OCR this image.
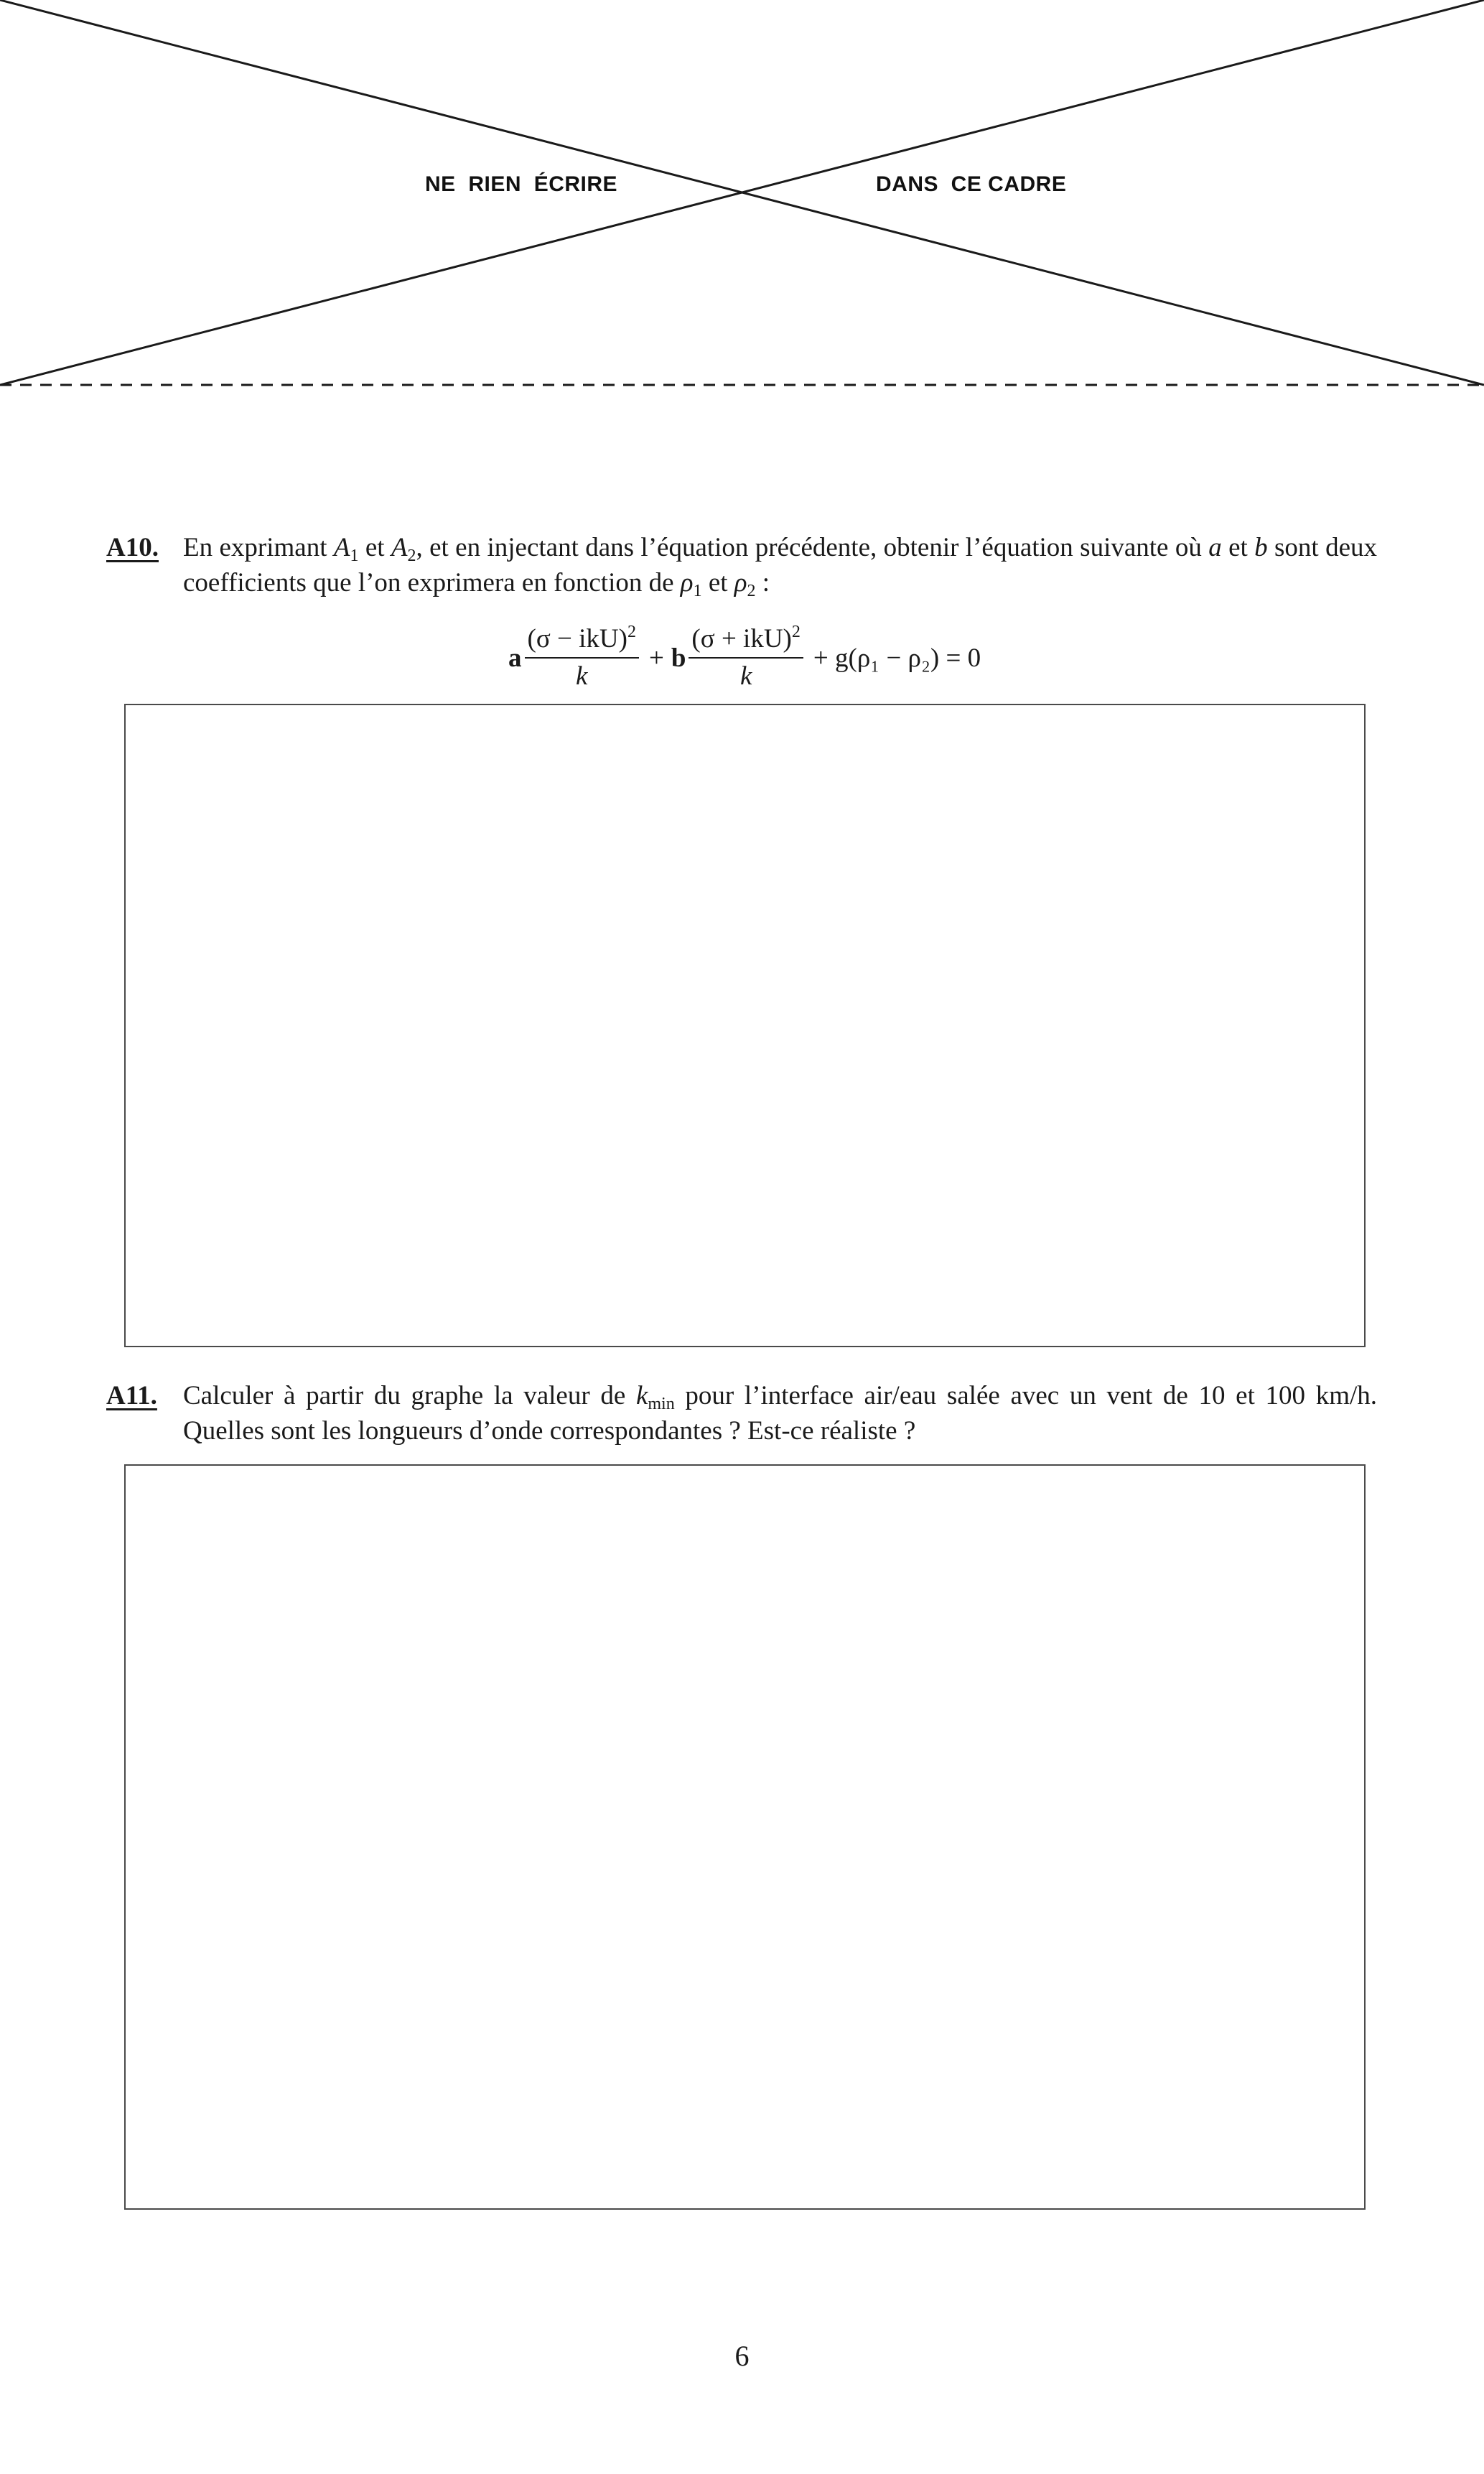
NE  RIEN  ÉCRIRE	DANS  CE CADRE
A10. En exprimant $A_1$ et $A_2$, et en injectant dans l’équation précédente, obtenir l’équation suivante où a et b sont deux coefficients que l’on exprimera en fonction de $\rho_1$ et $\rho_2$ :
a $\frac{(\sigma - ikU)^2}{k} + b \frac{(\sigma + ikU)^2}{k} + g(\rho_1 - \rho_2) = 0$
A11. Calculer à partir du graphe la valeur de $k_{min}$ pour l’interface air/eau salée avec un vent de 10 et 100 km/h. Quelles sont les longueurs d’onde correspondantes ? Est-ce réaliste ?
6
